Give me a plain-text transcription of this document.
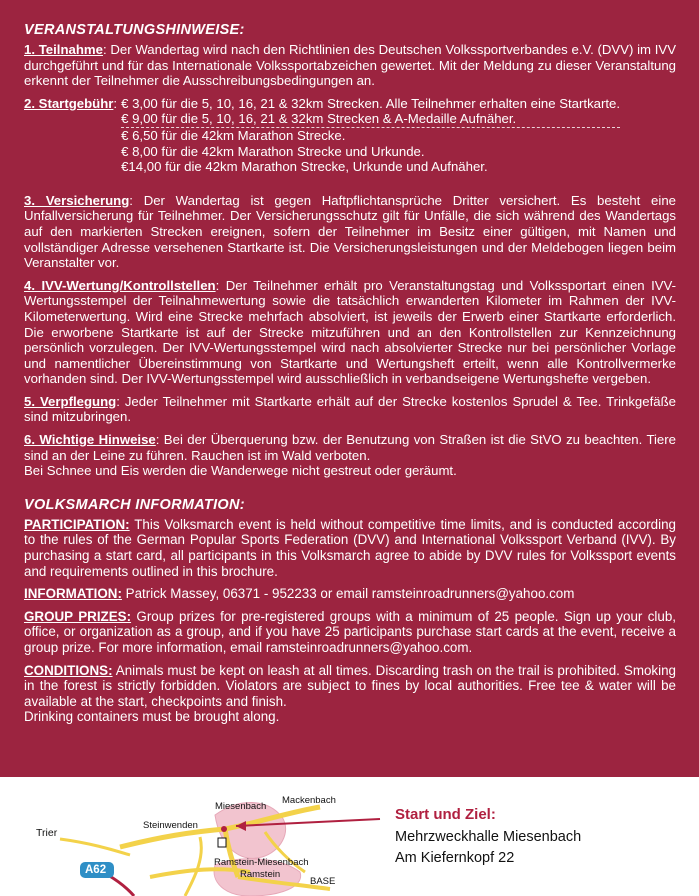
VERANSTALTUNGSHINWEISE:

1. Teilnahme: Der Wandertag wird nach den Richtlinien des Deutschen Volkssportverbandes e.V. (DVV) im IVV durchgeführt und für das Internationale Volkssportabzeichen gewertet. Mit der Meldung zu dieser Veranstaltung erkennt der Teilnehmer die Ausschreibungsbedingungen an.

2. Startgebühr : € 3,00 für die 5, 10, 16, 21 & 32km Strecken. Alle Teilnehmer erhalten eine Startkarte.
€ 9,00 für die 5, 10, 16, 21 & 32km Strecken & A-Medaille Aufnäher.
€ 6,50 für die 42km Marathon Strecke.
€ 8,00 für die 42km Marathon Strecke und Urkunde.
€14,00 für die 42km Marathon Strecke, Urkunde und Aufnäher.

3. Versicherung: Der Wandertag ist gegen Haftpflichtansprüche Dritter versichert. Es besteht eine Unfallversicherung für Teilnehmer. Der Versicherungsschutz gilt für Unfälle, die sich während des Wandertags auf den markierten Strecken ereignen, sofern der Teilnehmer im Besitz einer gültigen, mit Namen und vollständiger Adresse versehenen Startkarte ist. Die Versicherungsleistungen und der Meldebogen liegen beim Veranstalter vor.

4. IVV-Wertung/Kontrollstellen: Der Teilnehmer erhält pro Veranstaltungstag und Volkssportart einen IVV-Wertungsstempel der Teilnahmewertung sowie die tatsächlich erwanderten Kilometer im Rahmen der IVV-Kilometerwertung. Wird eine Strecke mehrfach absolviert, ist jeweils der Erwerb einer Startkarte erforderlich. Die erworbene Startkarte ist auf der Strecke mitzuführen und an den Kontrollstellen zur Kennzeichnung persönlich vorzulegen. Der IVV-Wertungsstempel wird nach absolvierter Strecke nur bei persönlicher Vorlage und namentlicher Übereinstimmung von Startkarte und Wertungsheft erteilt, wenn alle Kontrollvermerke vorhanden sind. Der IVV-Wertungsstempel wird ausschließlich in verbandseigene Wertungshefte vergeben.

5. Verpflegung: Jeder Teilnehmer mit Startkarte erhält auf der Strecke kostenlos Sprudel & Tee. Trinkgefäße sind mitzubringen.

6. Wichtige Hinweise: Bei der Überquerung bzw. der Benutzung von Straßen ist die StVO zu beachten. Tiere sind an der Leine zu führen. Rauchen ist im Wald verboten.
Bei Schnee und Eis werden die Wanderwege nicht gestreut oder geräumt.

VOLKSMARCH INFORMATION:

PARTICIPATION: This Volksmarch event is held without competitive time limits, and is conducted according to the rules of the German Popular Sports Federation (DVV) and International Volkssport Verband (IVV). By purchasing a start card, all participants in this Volksmarch agree to abide by DVV rules for Volkssport events and requirements outlined in this brochure.

INFORMATION: Patrick Massey, 06371 - 952233 or email ramsteinroadrunners@yahoo.com

GROUP PRIZES: Group prizes for pre-registered groups with a minimum of 25 people. Sign up your club, office, or organization as a group, and if you have 25 participants purchase start cards at the event, receive a group prize. For more information, email ramsteinroadrunners@yahoo.com.

CONDITIONS: Animals must be kept on leash at all times. Discarding trash on the trail is prohibited. Smoking in the forest is strictly forbidden. Violators are subject to fines by local authorities. Free tee & water will be available at the start, checkpoints and finish.
Drinking containers must be brought along.

Miesenbach
Mackenbach
Steinwenden
Trier
Ramstein-Miesenbach
Ramstein
BASE
A62
Start und Ziel:
Mehrzweckhalle Miesenbach
Am Kiefernkopf 22
